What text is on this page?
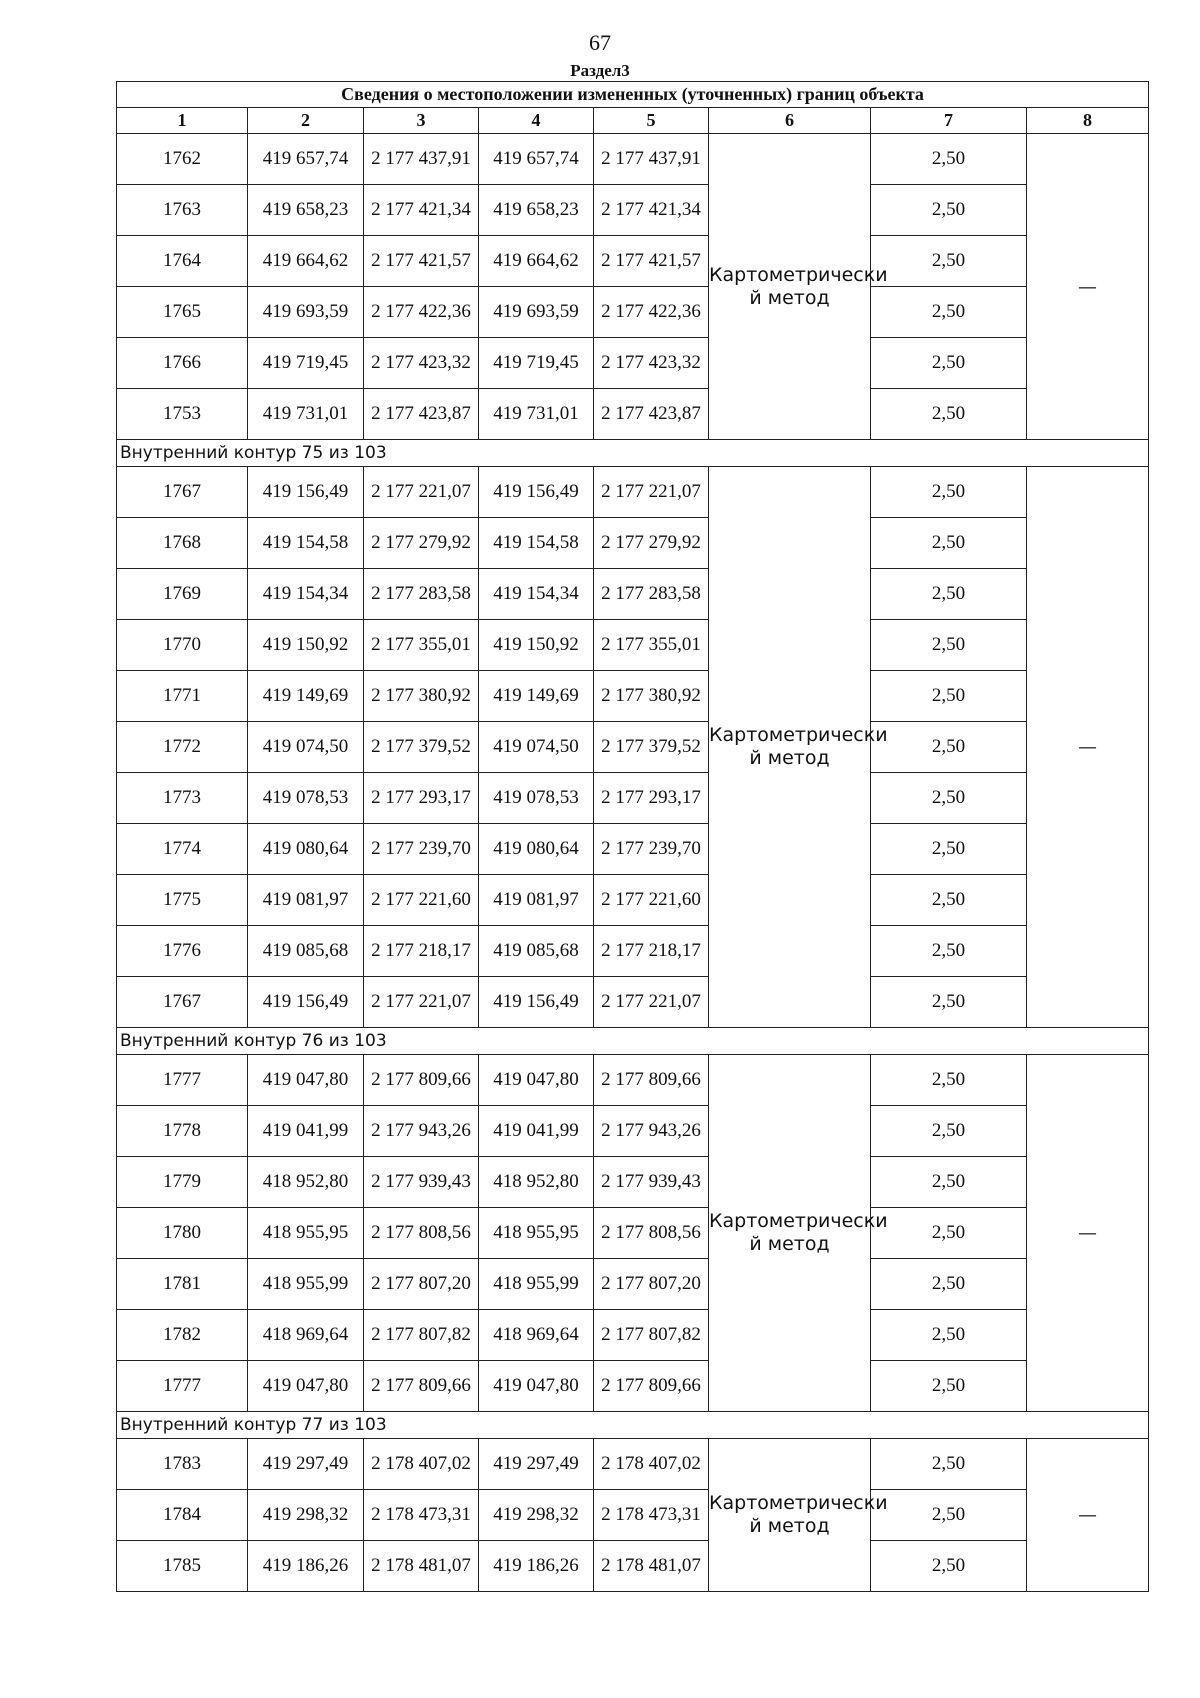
67
Раздел3
Сведения о местоположении измененных (уточненных) границ объекта							
1	2	3	4	5	6	7	8
1762	419 657,74	2 177 437,91	419 657,74	2 177 437,91	Картометрически й метод	2,50	—
1763	419 658,23	2 177 421,34	419 658,23	2 177 421,34		2,50	
1764	419 664,62	2 177 421,57	419 664,62	2 177 421,57		2,50	
1765	419 693,59	2 177 422,36	419 693,59	2 177 422,36		2,50	
1766	419 719,45	2 177 423,32	419 719,45	2 177 423,32		2,50	
1753	419 731,01	2 177 423,87	419 731,01	2 177 423,87		2,50	
Внутренний контур 75 из 103							
1767	419 156,49	2 177 221,07	419 156,49	2 177 221,07	Картометрически й метод	2,50	—
1768	419 154,58	2 177 279,92	419 154,58	2 177 279,92		2,50	
1769	419 154,34	2 177 283,58	419 154,34	2 177 283,58		2,50	
1770	419 150,92	2 177 355,01	419 150,92	2 177 355,01		2,50	
1771	419 149,69	2 177 380,92	419 149,69	2 177 380,92		2,50	
1772	419 074,50	2 177 379,52	419 074,50	2 177 379,52		2,50	
1773	419 078,53	2 177 293,17	419 078,53	2 177 293,17		2,50	
1774	419 080,64	2 177 239,70	419 080,64	2 177 239,70		2,50	
1775	419 081,97	2 177 221,60	419 081,97	2 177 221,60		2,50	
1776	419 085,68	2 177 218,17	419 085,68	2 177 218,17		2,50	
1767	419 156,49	2 177 221,07	419 156,49	2 177 221,07		2,50	
Внутренний контур 76 из 103							
1777	419 047,80	2 177 809,66	419 047,80	2 177 809,66	Картометрически й метод	2,50	—
1778	419 041,99	2 177 943,26	419 041,99	2 177 943,26		2,50	
1779	418 952,80	2 177 939,43	418 952,80	2 177 939,43		2,50	
1780	418 955,95	2 177 808,56	418 955,95	2 177 808,56		2,50	
1781	418 955,99	2 177 807,20	418 955,99	2 177 807,20		2,50	
1782	418 969,64	2 177 807,82	418 969,64	2 177 807,82		2,50	
1777	419 047,80	2 177 809,66	419 047,80	2 177 809,66		2,50	
Внутренний контур 77 из 103							
1783	419 297,49	2 178 407,02	419 297,49	2 178 407,02	Картометрически й метод	2,50	—
1784	419 298,32	2 178 473,31	419 298,32	2 178 473,31		2,50	
1785	419 186,26	2 178 481,07	419 186,26	2 178 481,07		2,50	
